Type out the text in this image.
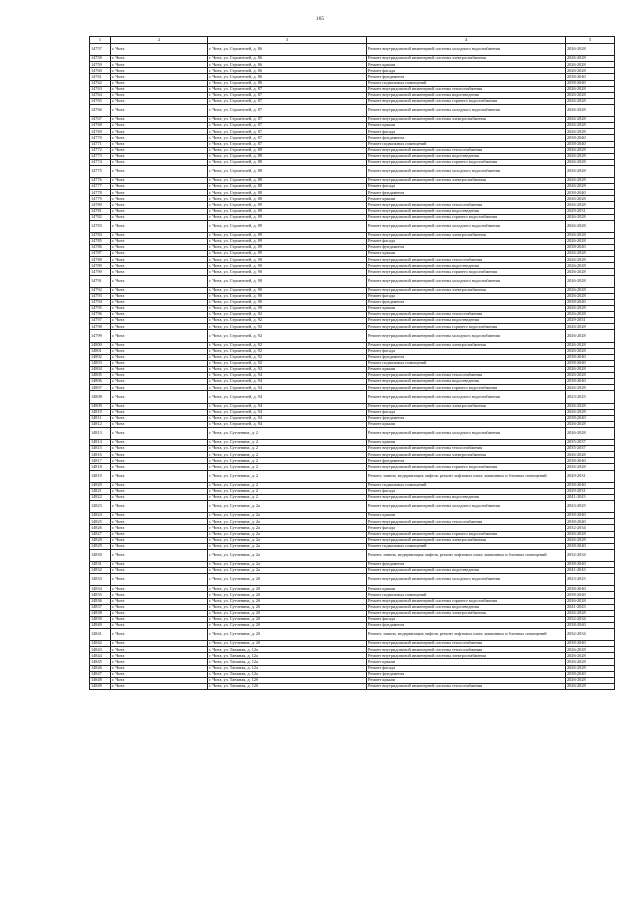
165
1	2	3	4	5
14757	г. Чита	г. Чита, ул. Строителей, д. 86	Ремонт внутридомовой инженерной системы холодного водоснабжения	2026-2028
14758	г. Чита	г. Чита, ул. Строителей, д. 86	Ремонт внутридомовой инженерной системы электроснабжения	2026-2028
14759	г. Чита	г. Чита, ул. Строителей, д. 86	Ремонт крыши	2026-2028
14760	г. Чита	г. Чита, ул. Строителей, д. 86	Ремонт фасада	2026-2028
14761	г. Чита	г. Чита, ул. Строителей, д. 86	Ремонт фундамента	2038-2040
14762	г. Чита	г. Чита, ул. Строителей, д. 86	Ремонт подвальных помещений	2038-2040
14763	г. Чита	г. Чита, ул. Строителей, д. 87	Ремонт внутридомовой инженерной системы теплоснабжения	2026-2028
14764	г. Чита	г. Чита, ул. Строителей, д. 87	Ремонт внутридомовой инженерной системы водоотведения	2026-2028
14765	г. Чита	г. Чита, ул. Строителей, д. 87	Ремонт внутридомовой инженерной системы горячего водоснабжения	2026-2028
14766	г. Чита	г. Чита, ул. Строителей, д. 87	Ремонт внутридомовой инженерной системы холодного водоснабжения	2026-2028
14767	г. Чита	г. Чита, ул. Строителей, д. 87	Ремонт внутридомовой инженерной системы электроснабжения	2026-2028
14768	г. Чита	г. Чита, ул. Строителей, д. 87	Ремонт крыши	2026-2028
14769	г. Чита	г. Чита, ул. Строителей, д. 87	Ремонт фасада	2026-2028
14770	г. Чита	г. Чита, ул. Строителей, д. 87	Ремонт фундамента	2038-2040
14771	г. Чита	г. Чита, ул. Строителей, д. 87	Ремонт подвальных помещений	2038-2040
14772	г. Чита	г. Чита, ул. Строителей, д. 88	Ремонт внутридомовой инженерной системы теплоснабжения	2026-2028
14773	г. Чита	г. Чита, ул. Строителей, д. 88	Ремонт внутридомовой инженерной системы водоотведения	2026-2028
14774	г. Чита	г. Чита, ул. Строителей, д. 88	Ремонт внутридомовой инженерной системы горячего водоснабжения	2026-2028
14775	г. Чита	г. Чита, ул. Строителей, д. 88	Ремонт внутридомовой инженерной системы холодного водоснабжения	2026-2028
14776	г. Чита	г. Чита, ул. Строителей, д. 88	Ремонт внутридомовой инженерной системы электроснабжения	2026-2028
14777	г. Чита	г. Чита, ул. Строителей, д. 88	Ремонт фасада	2026-2028
14778	г. Чита	г. Чита, ул. Строителей, д. 88	Ремонт фундамента	2038-2040
14779	г. Чита	г. Чита, ул. Строителей, д. 88	Ремонт крыши	2026-2028
14780	г. Чита	г. Чита, ул. Строителей, д. 89	Ремонт внутридомовой инженерной системы теплоснабжения	2026-2028
14781	г. Чита	г. Чита, ул. Строителей, д. 89	Ремонт внутридомовой инженерной системы водоотведения	2029-2031
14782	г. Чита	г. Чита, ул. Строителей, д. 89	Ремонт внутридомовой инженерной системы горячего водоснабжения	2026-2028
14783	г. Чита	г. Чита, ул. Строителей, д. 89	Ремонт внутридомовой инженерной системы холодного водоснабжения	2026-2028
14784	г. Чита	г. Чита, ул. Строителей, д. 89	Ремонт внутридомовой инженерной системы электроснабжения	2026-2028
14785	г. Чита	г. Чита, ул. Строителей, д. 89	Ремонт фасада	2026-2028
14786	г. Чита	г. Чита, ул. Строителей, д. 89	Ремонт фундамента	2038-2040
14787	г. Чита	г. Чита, ул. Строителей, д. 89	Ремонт крыши	2026-2028
14788	г. Чита	г. Чита, ул. Строителей, д. 90	Ремонт внутридомовой инженерной системы теплоснабжения	2026-2028
14789	г. Чита	г. Чита, ул. Строителей, д. 90	Ремонт внутридомовой инженерной системы водоотведения	2026-2028
14790	г. Чита	г. Чита, ул. Строителей, д. 90	Ремонт внутридомовой инженерной системы горячего водоснабжения	2026-2028
14791	г. Чита	г. Чита, ул. Строителей, д. 90	Ремонт внутридомовой инженерной системы холодного водоснабжения	2026-2028
14792	г. Чита	г. Чита, ул. Строителей, д. 90	Ремонт внутридомовой инженерной системы электроснабжения	2026-2028
14793	г. Чита	г. Чита, ул. Строителей, д. 90	Ремонт фасада	2026-2028
14794	г. Чита	г. Чита, ул. Строителей, д. 90	Ремонт фундамента	2038-2040
14795	г. Чита	г. Чита, ул. Строителей, д. 90	Ремонт крыши	2026-2028
14796	г. Чита	г. Чита, ул. Строителей, д. 92	Ремонт внутридомовой инженерной системы теплоснабжения	2026-2028
14797	г. Чита	г. Чита, ул. Строителей, д. 92	Ремонт внутридомовой инженерной системы водоотведения	2029-2031
14798	г. Чита	г. Чита, ул. Строителей, д. 92	Ремонт внутридомовой инженерной системы горячего водоснабжения	2026-2028
14799	г. Чита	г. Чита, ул. Строителей, д. 92	Ремонт внутридомовой инженерной системы холодного водоснабжения	2026-2028
14800	г. Чита	г. Чита, ул. Строителей, д. 92	Ремонт внутридомовой инженерной системы электроснабжения	2026-2028
14801	г. Чита	г. Чита, ул. Строителей, д. 92	Ремонт фасада	2026-2028
14802	г. Чита	г. Чита, ул. Строителей, д. 92	Ремонт фундамента	2038-2040
14803	г. Чита	г. Чита, ул. Строителей, д. 92	Ремонт подвальных помещений	2038-2040
14804	г. Чита	г. Чита, ул. Строителей, д. 92	Ремонт крыши	2026-2028
14805	г. Чита	г. Чита, ул. Строителей, д. 94	Ремонт внутридомовой инженерной системы теплоснабжения	2026-2028
14806	г. Чита	г. Чита, ул. Строителей, д. 94	Ремонт внутридомовой инженерной системы водоотведения	2038-2040
14807	г. Чита	г. Чита, ул. Строителей, д. 94	Ремонт внутридомовой инженерной системы горячего водоснабжения	2026-2028
14808	г. Чита	г. Чита, ул. Строителей, д. 94	Ремонт внутридомовой инженерной системы холодного водоснабжения	2023-2025
14809	г. Чита	г. Чита, ул. Строителей, д. 94	Ремонт внутридомовой инженерной системы электроснабжения	2026-2028
14810	г. Чита	г. Чита, ул. Строителей, д. 94	Ремонт фасада	2026-2028
14811	г. Чита	г. Чита, ул. Строителей, д. 94	Ремонт фундамента	2038-2040
14812	г. Чита	г. Чита, ул. Строителей, д. 94	Ремонт крыши	2026-2028
14813	г. Чита	г. Чита, ул. Сутченина, д. 2	Ремонт внутридомовой инженерной системы холодного водоснабжения	2026-2028
14814	г. Чита	г. Чита, ул. Сутченина, д. 2	Ремонт крыши	2035-2037
14815	г. Чита	г. Чита, ул. Сутченина, д. 2	Ремонт внутридомовой инженерной системы теплоснабжения	2035-2037
14816	г. Чита	г. Чита, ул. Сутченина, д. 2	Ремонт внутридомовой инженерной системы электроснабжения	2026-2028
14817	г. Чита	г. Чита, ул. Сутченина, д. 2	Ремонт фундамента	2038-2040
14818	г. Чита	г. Чита, ул. Сутченина, д. 2	Ремонт внутридомовой инженерной системы горячего водоснабжения	2026-2028
14819	г. Чита	г. Чита, ул. Сутченина, д. 2	Ремонт, замена, модернизация лифтов, ремонт лифтовых шахт, машинных и блочных помещений	2029-2031
14820	г. Чита	г. Чита, ул. Сутченина, д. 2	Ремонт подвальных помещений	2038-2040
14821	г. Чита	г. Чита, ул. Сутченина, д. 2	Ремонт фасада	2029-2031
14822	г. Чита	г. Чита, ул. Сутченина, д. 2	Ремонт внутридомовой инженерной системы водоотведения	2041-2043
14823	г. Чита	г. Чита, ул. Сутченина, д. 2а	Ремонт внутридомовой инженерной системы холодного водоснабжения	2023-2025
14824	г. Чита	г. Чита, ул. Сутченина, д. 2а	Ремонт крыши	2038-2040
14825	г. Чита	г. Чита, ул. Сутченина, д. 2а	Ремонт внутридомовой инженерной системы теплоснабжения	2038-2040
14826	г. Чита	г. Чита, ул. Сутченина, д. 2а	Ремонт фасада	2032-2034
14827	г. Чита	г. Чита, ул. Сутченина, д. 2а	Ремонт внутридомовой инженерной системы горячего водоснабжения	2026-2028
14828	г. Чита	г. Чита, ул. Сутченина, д. 2а	Ремонт внутридомовой инженерной системы электроснабжения	2026-2028
14829	г. Чита	г. Чита, ул. Сутченина, д. 2а	Ремонт подвальных помещений	2038-2040
14830	г. Чита	г. Чита, ул. Сутченина, д. 2а	Ремонт, замена, модернизация лифтов, ремонт лифтовых шахт, машинных и блочных помещений	2032-2034
14831	г. Чита	г. Чита, ул. Сутченина, д. 2а	Ремонт фундамента	2038-2040
14832	г. Чита	г. Чита, ул. Сутченина, д. 2а	Ремонт внутридомовой инженерной системы водоотведения	2041-2043
14833	г. Чита	г. Чита, ул. Сутченина, д. 2б	Ремонт внутридомовой инженерной системы холодного водоснабжения	2023-2025
14834	г. Чита	г. Чита, ул. Сутченина, д. 2б	Ремонт крыши	2038-2040
14835	г. Чита	г. Чита, ул. Сутченина, д. 2б	Ремонт подвальных помещений	2038-2040
14836	г. Чита	г. Чита, ул. Сутченина, д. 2б	Ремонт внутридомовой инженерной системы горячего водоснабжения	2026-2028
14837	г. Чита	г. Чита, ул. Сутченина, д. 2б	Ремонт внутридомовой инженерной системы водоотведения	2041-2043
14838	г. Чита	г. Чита, ул. Сутченина, д. 2б	Ремонт внутридомовой инженерной системы электроснабжения	2026-2028
14839	г. Чита	г. Чита, ул. Сутченина, д. 2б	Ремонт фасада	2032-2034
14840	г. Чита	г. Чита, ул. Сутченина, д. 2б	Ремонт фундамента	2038-2040
14841	г. Чита	г. Чита, ул. Сутченина, д. 2б	Ремонт, замена, модернизация лифтов, ремонт лифтовых шахт, машинных и блочных помещений	2032-2034
14842	г. Чита	г. Чита, ул. Сутченина, д. 2б	Ремонт внутридомовой инженерной системы теплоснабжения	2038-2040
14843	г. Чита	г. Чита, ул. Таежная, д. 12а	Ремонт внутридомовой инженерной системы теплоснабжения	2026-2028
14844	г. Чита	г. Чита, ул. Таежная, д. 12а	Ремонт внутридомовой инженерной системы электроснабжения	2026-2028
14845	г. Чита	г. Чита, ул. Таежная, д. 12а	Ремонт крыши	2026-2028
14846	г. Чита	г. Чита, ул. Таежная, д. 12а	Ремонт фасада	2026-2028
14847	г. Чита	г. Чита, ул. Таежная, д. 12а	Ремонт фундамента	2038-2040
14848	г. Чита	г. Чита, ул. Таежная, д. 12б	Ремонт крыши	2026-2028
14849	г. Чита	г. Чита, ул. Таежная, д. 12б	Ремонт внутридомовой инженерной системы теплоснабжения	2026-2028
